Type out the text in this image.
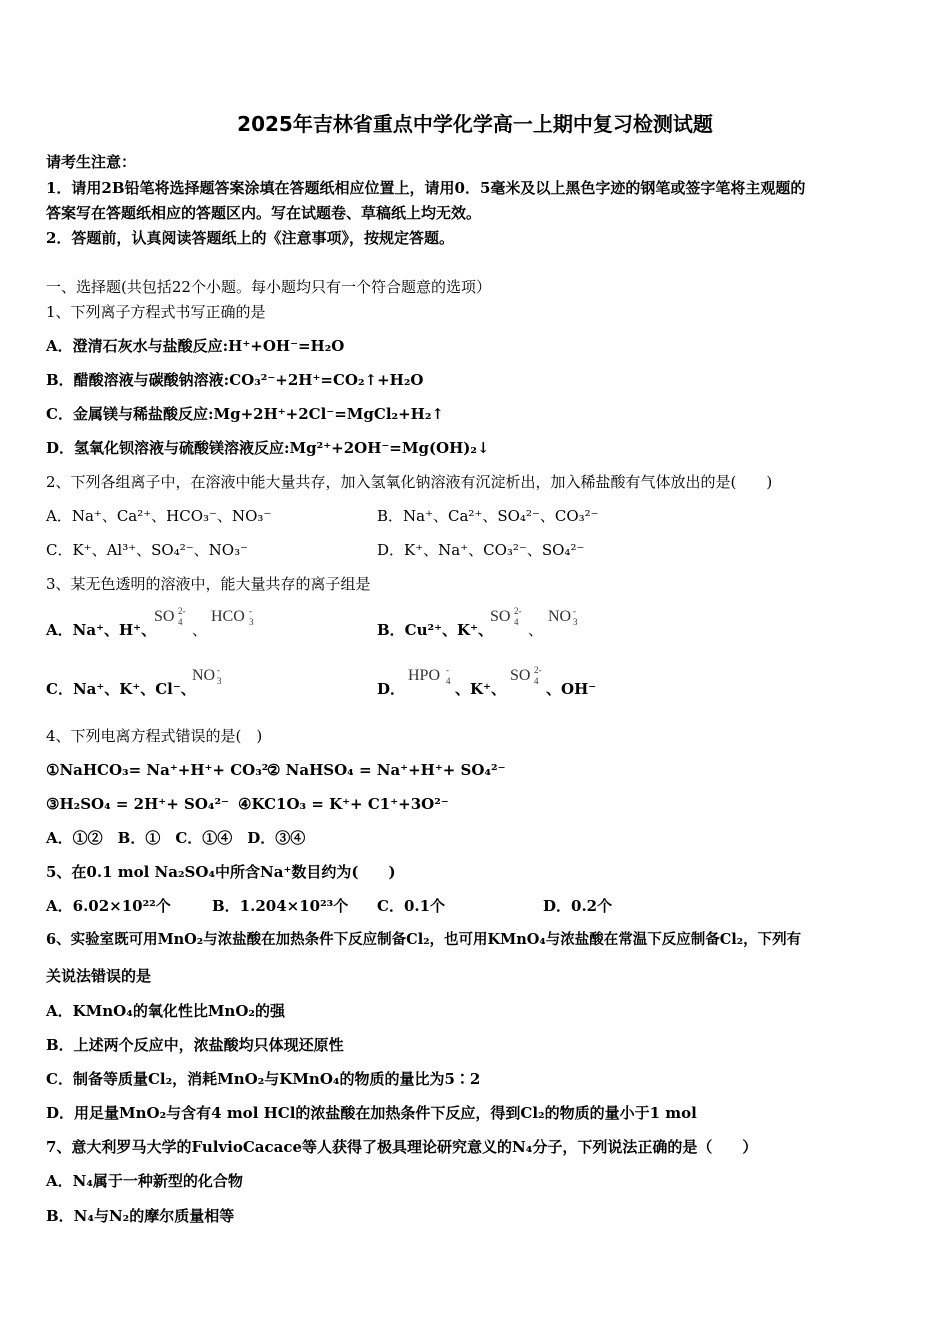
2025年吉林省重点中学化学高一上期中复习检测试题
请考生注意：
1．请用2B铅笔将选择题答案涂填在答题纸相应位置上，请用0．5毫米及以上黑色字迹的钢笔或签字笔将主观题的
答案写在答题纸相应的答题区内。写在试题卷、草稿纸上均无效。
2．答题前，认真阅读答题纸上的《注意事项》，按规定答题。
一、选择题(共包括22个小题。每小题均只有一个符合题意的选项）
1、下列离子方程式书写正确的是
A．澄清石灰水与盐酸反应:H⁺+OH⁻=H₂O
B．醋酸溶液与碳酸钠溶液:CO₃²⁻+2H⁺=CO₂↑+H₂O
C．金属镁与稀盐酸反应:Mg+2H⁺+2Cl⁻=MgCl₂+H₂↑
D．氢氧化钡溶液与硫酸镁溶液反应:Mg²⁺+2OH⁻=Mg(OH)₂↓
2、下列各组离子中，在溶液中能大量共存，加入氢氧化钠溶液有沉淀析出，加入稀盐酸有气体放出的是(　　)
A．Na⁺、Ca²⁺、HCO₃⁻、NO₃⁻	B．Na⁺、Ca²⁺、SO₄²⁻、CO₃²⁻
C．K⁺、Al³⁺、SO₄²⁻、NO₃⁻	D．K⁺、Na⁺、CO₃²⁻、SO₄²⁻
3、某无色透明的溶液中，能大量共存的离子组是
A．Na⁺、H⁺、
SO 2-
4 、
HCO -
3	B．Cu²⁺、K⁺、
SO 2-
4 、
NO -
3
C．Na⁺、K⁺、Cl⁻、
NO -
3	D．
HPO -
4 、K⁺、
SO 2-
4 、OH⁻
4、下列电离方程式错误的是(　)
①NaHCO₃= Na⁺+H⁺+ CO₃²⁻
② NaHSO₄ = Na⁺+H⁺+ SO₄²⁻
③H₂SO₄ = 2H⁺+ SO₄²⁻ ④KC1O₃ = K⁺+ C1⁺+3O²⁻
A．①②　B．①　C．①④　D．③④
5、在0.1 mol Na₂SO₄中所含Na⁺数目约为(　　)
A．6.02×10²²个	B．1.204×10²³个 C．0.1个	D．0.2个
6、实验室既可用MnO₂与浓盐酸在加热条件下反应制备Cl₂，也可用KMnO₄与浓盐酸在常温下反应制备Cl₂，下列有
关说法错误的是
A．KMnO₄的氧化性比MnO₂的强
B．上述两个反应中，浓盐酸均只体现还原性
C．制备等质量Cl₂，消耗MnO₂与KMnO₄的物质的量比为5∶2
D．用足量MnO₂与含有4 mol HCl的浓盐酸在加热条件下反应，得到Cl₂的物质的量小于1 mol
7、意大利罗马大学的FulvioCacace等人获得了极具理论研究意义的N₄分子，下列说法正确的是（　　）
A．N₄属于一种新型的化合物
B．N₄与N₂的摩尔质量相等
